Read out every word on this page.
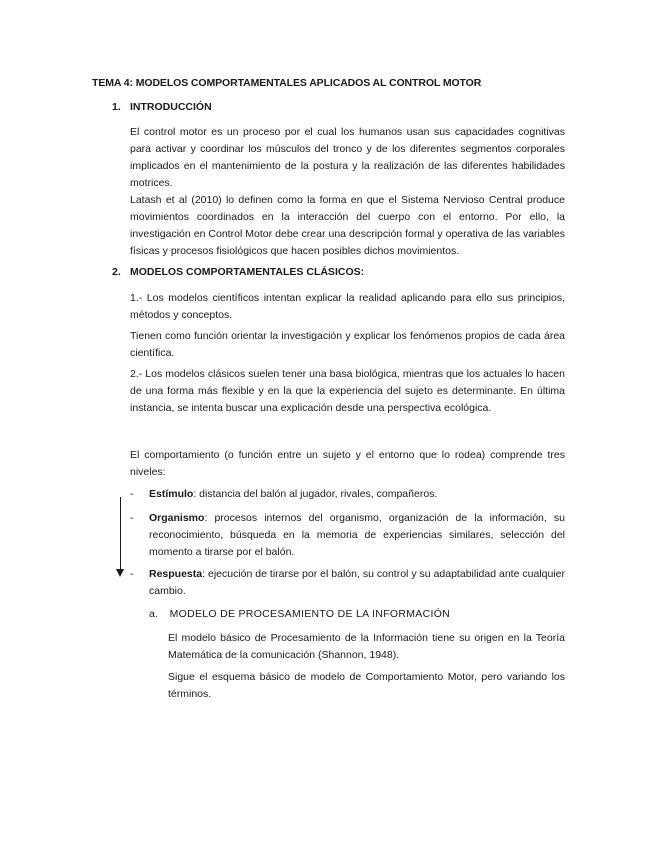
TEMA 4: MODELOS COMPORTAMENTALES APLICADOS AL CONTROL MOTOR
1. INTRODUCCIÓN
El control motor es un proceso por el cual los humanos usan sus capacidades cognitivas para activar y coordinar los músculos del tronco y de los diferentes segmentos corporales implicados en el mantenimiento de la postura y la realización de las diferentes habilidades motrices.
Latash et al (2010) lo definen como la forma en que el Sistema Nervioso Central produce movimientos coordinados en la interacción del cuerpo con el entorno. Por ello, la investigación en Control Motor debe crear una descripción formal y operativa de las variables físicas y procesos fisiológicos que hacen posibles dichos movimientos.
2. MODELOS COMPORTAMENTALES CLÁSICOS:
1.- Los modelos científicos intentan explicar la realidad aplicando para ello sus principios, métodos y conceptos.
Tienen como función orientar la investigación y explicar los fenómenos propios de cada área científica.
2.- Los modelos clásicos suelen tener una basa biológica, mientras que los actuales lo hacen de una forma más flexible y en la que la experiencia del sujeto es determinante. En última instancia, se intenta buscar una explicación desde una perspectiva ecológica.
El comportamiento (o función entre un sujeto y el entorno que lo rodea) comprende tres niveles:
- Estímulo: distancia del balón al jugador, rivales, compañeros.
- Organismo: procesos internos del organismo, organización de la información, su reconocimiento, búsqueda en la memoria de experiencias similares, selección del momento a tirarse por el balón.
- Respuesta: ejecución de tirarse por el balón, su control y su adaptabilidad ante cualquier cambio.
a. MODELO DE PROCESAMIENTO DE LA INFORMACIÓN
El modelo básico de Procesamiento de la Información tiene su origen en la Teoría Matemática de la comunicación (Shannon, 1948).
Sigue el esquema básico de modelo de Comportamiento Motor, pero variando los términos.
